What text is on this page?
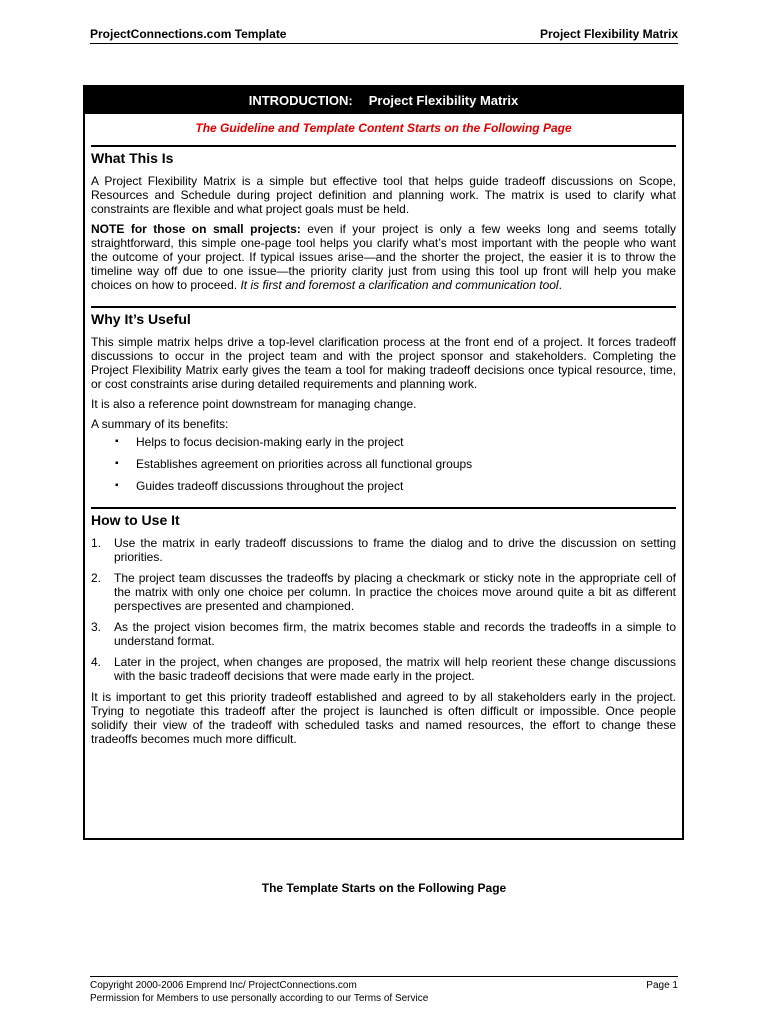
ProjectConnections.com Template	Project Flexibility Matrix
INTRODUCTION: Project Flexibility Matrix
The Guideline and Template Content Starts on the Following Page
What This Is

A Project Flexibility Matrix is a simple but effective tool that helps guide tradeoff discussions on Scope, Resources and Schedule during project definition and planning work. The matrix is used to clarify what constraints are flexible and what project goals must be held.

NOTE for those on small projects: even if your project is only a few weeks long and seems totally straightforward, this simple one-page tool helps you clarify what’s most important with the people who want the outcome of your project. If typical issues arise—and the shorter the project, the easier it is to throw the timeline way off due to one issue—the priority clarity just from using this tool up front will help you make choices on how to proceed. It is first and foremost a clarification and communication tool.

Why It’s Useful

This simple matrix helps drive a top-level clarification process at the front end of a project. It forces tradeoff discussions to occur in the project team and with the project sponsor and stakeholders. Completing the Project Flexibility Matrix early gives the team a tool for making tradeoff decisions once typical resource, time, or cost constraints arise during detailed requirements and planning work.

It is also a reference point downstream for managing change.

A summary of its benefits:

▪ Helps to focus decision-making early in the project
▪ Establishes agreement on priorities across all functional groups
▪ Guides tradeoff discussions throughout the project
How to Use It
1. Use the matrix in early tradeoff discussions to frame the dialog and to drive the discussion on setting priorities.
2. The project team discusses the tradeoffs by placing a checkmark or sticky note in the appropriate cell of the matrix with only one choice per column. In practice the choices move around quite a bit as different perspectives are presented and championed.
3. As the project vision becomes firm, the matrix becomes stable and records the tradeoffs in a simple to understand format.
4. Later in the project, when changes are proposed, the matrix will help reorient these change discussions with the basic tradeoff decisions that were made early in the project.

It is important to get this priority tradeoff established and agreed to by all stakeholders early in the project. Trying to negotiate this tradeoff after the project is launched is often difficult or impossible. Once people solidify their view of the tradeoff with scheduled tasks and named resources, the effort to change these tradeoffs becomes much more difficult.

The Template Starts on the Following Page
Copyright 2000-2006 Emprend Inc/ ProjectConnections.com
Permission for Members to use personally according to our Terms of Service
Page 1
